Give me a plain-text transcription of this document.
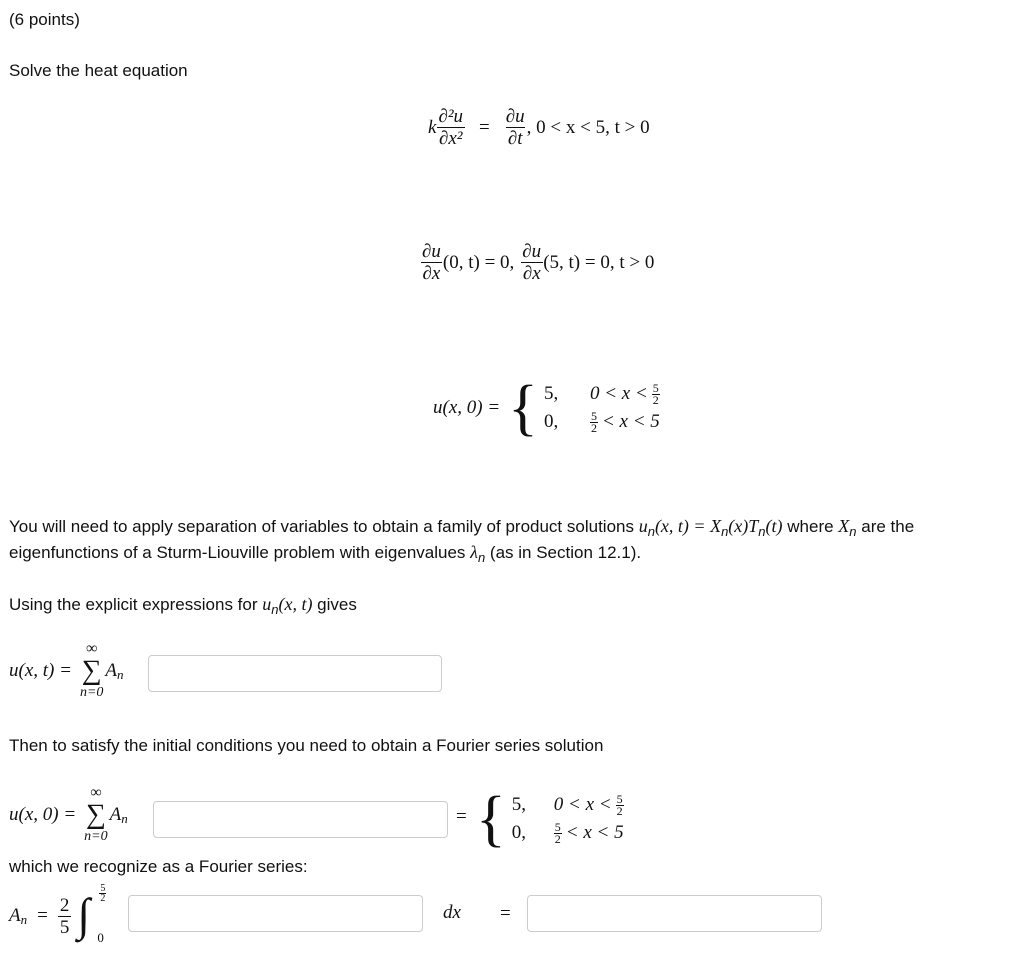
(6 points)
Solve the heat equation
k $\frac{\text{∂²u}}{\text{∂x²}} = \frac{\partial u}{\partial t}$ , 0 < x < 5, t > 0
$\frac{\partial u}{\partial x} (0$, t) = 0, $\frac{\partial u}{\partial x} (5$, t) = 0, t > 0
u(x, 0) = { 5,	$0 < x < \frac{5}{2}$
0,	$\frac{5}{2} < x < 5$
You will need to apply separation of variables to obtain a family of product solutions $u_n(x$, $t) = X_n(x)T_n(t)$ where $X_n$ are the
eigenfunctions of a Sturm-Liouville problem with eigenvalues $\lambda_n$ (as in Section 12.1).
Using the explicit expressions for $u_n(x$, t) gives
u(x, t) =
∞
∑
n=0
A n
Then to satisfy the initial conditions you need to obtain a Fourier series solution
u(x, 0) =
∞
∑
n=0
A n	= { 5,	$0 < x < \frac{5}{2}$
0,	$\frac{5}{2} < x < 5$
which we recognize as a Fourier series:
A $n = \frac{2}{5}$ ∫ $\frac{5}{2}$
0
dx =
